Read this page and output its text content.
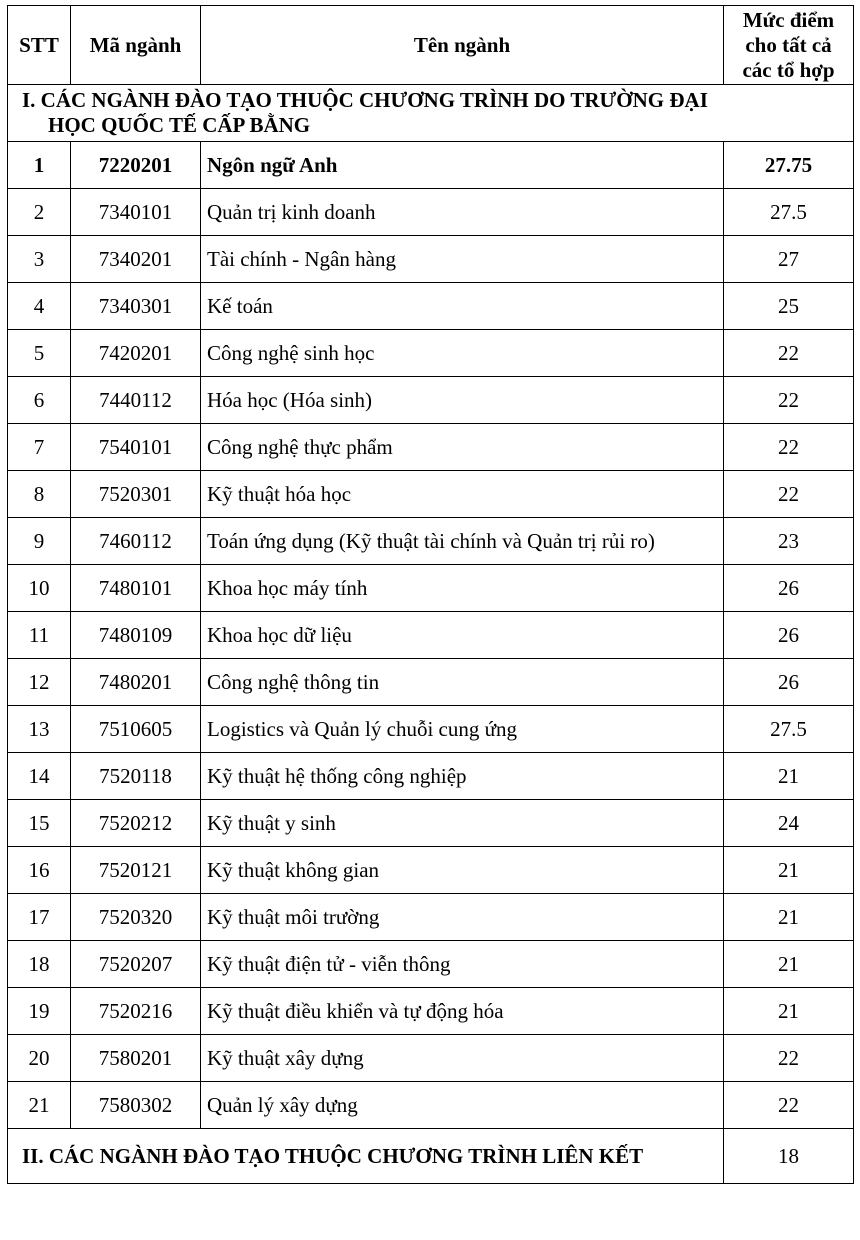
STT	Mã ngành	Tên ngành	Mức điểm
cho tất cả
các tổ hợp

I. CÁC NGÀNH ĐÀO TẠO THUỘC CHƯƠNG TRÌNH DO TRƯỜNG ĐẠI
HỌC QUỐC TẾ CẤP BẰNG			

1	7220201	Ngôn ngữ Anh	27.75
2	7340101	Quản trị kinh doanh	27.5
3	7340201	Tài chính - Ngân hàng	27
4	7340301	Kế toán	25
5	7420201	Công nghệ sinh học	22
6	7440112	Hóa học (Hóa sinh)	22
7	7540101	Công nghệ thực phẩm	22
8	7520301	Kỹ thuật hóa học	22
9	7460112	Toán ứng dụng (Kỹ thuật tài chính và Quản trị rủi ro)	23
10	7480101	Khoa học máy tính	26
11	7480109	Khoa học dữ liệu	26
12	7480201	Công nghệ thông tin	26
13	7510605	Logistics và Quản lý chuỗi cung ứng	27.5
14	7520118	Kỹ thuật hệ thống công nghiệp	21
15	7520212	Kỹ thuật y sinh	24
16	7520121	Kỹ thuật không gian	21
17	7520320	Kỹ thuật môi trường	21
18	7520207	Kỹ thuật điện tử - viễn thông	21
19	7520216	Kỹ thuật điều khiển và tự động hóa	21
20	7580201	Kỹ thuật xây dựng	22
21	7580302	Quản lý xây dựng	22
II. CÁC NGÀNH ĐÀO TẠO THUỘC CHƯƠNG TRÌNH LIÊN KẾT			18
